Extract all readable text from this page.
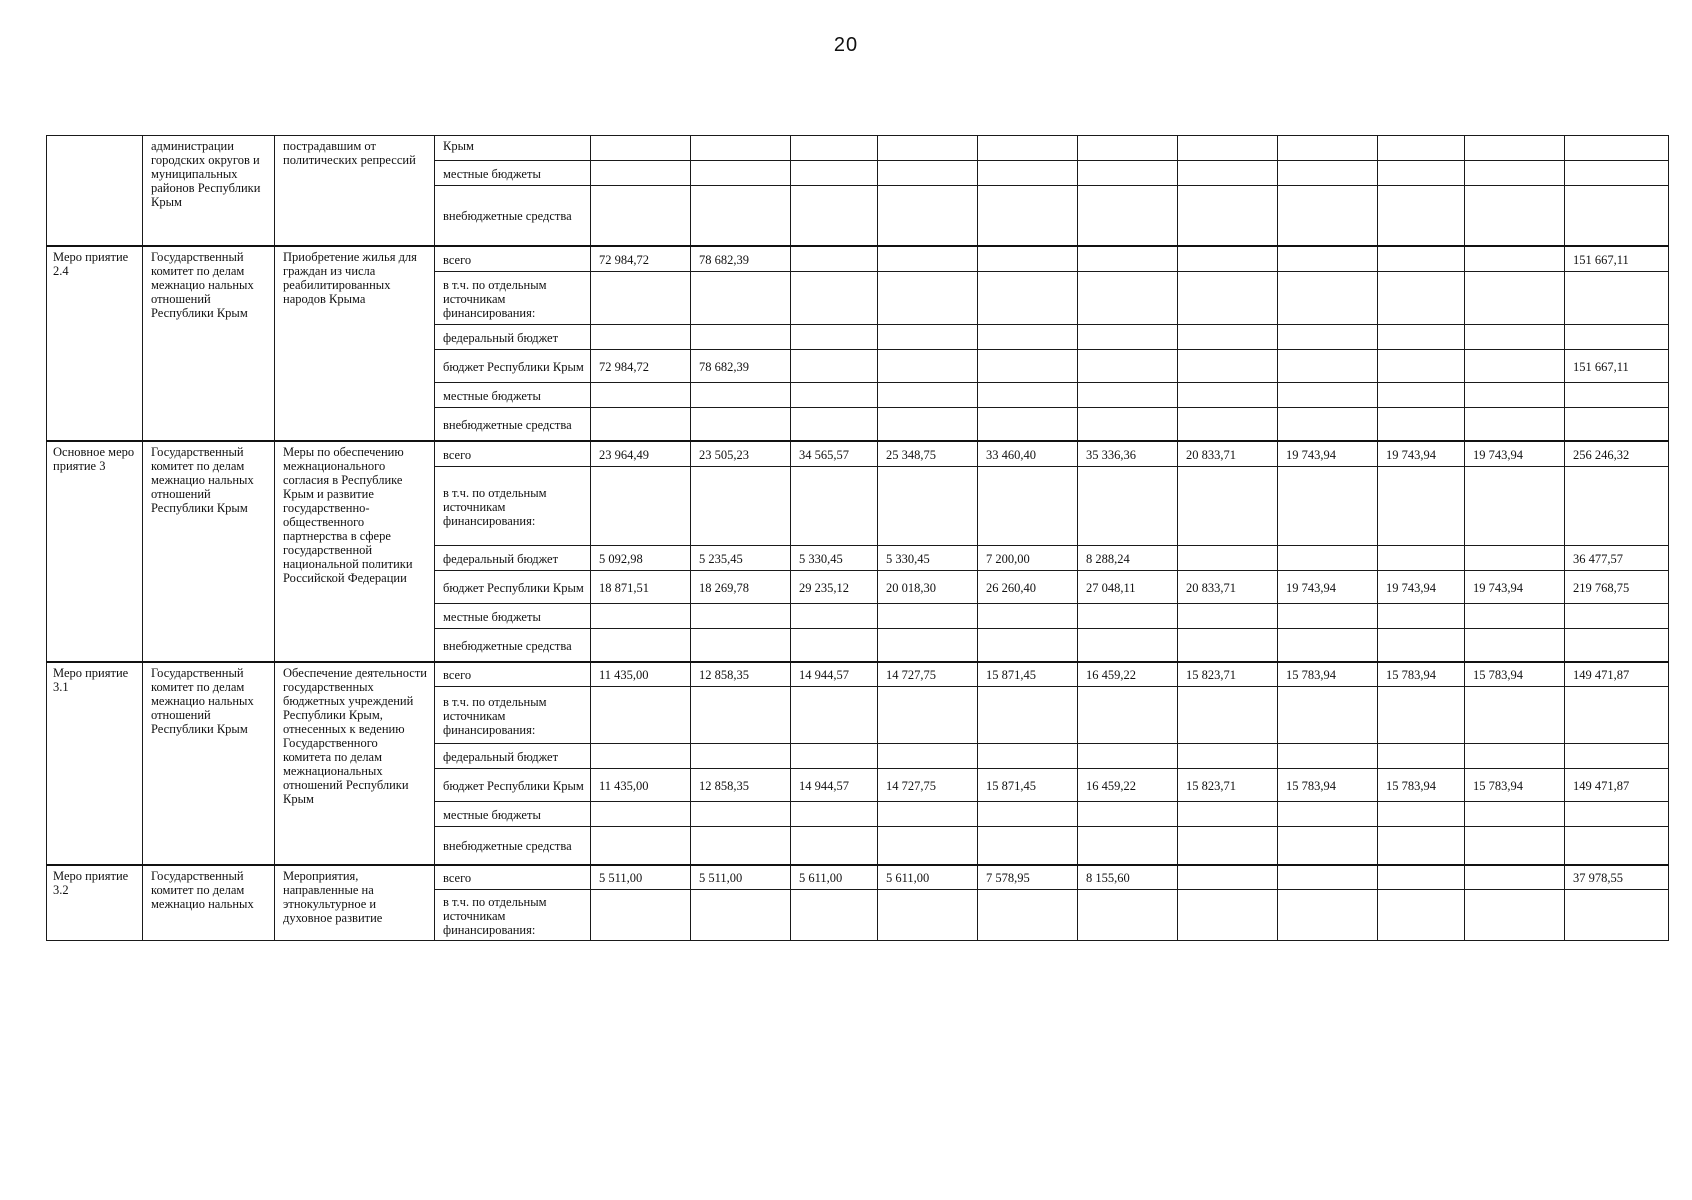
20
	администрации городских округов и муниципальных районов Республики Крым	пострадавшим от политических репрессий	Крым											
			местные бюджеты											
			внебюджетные средства											
Меро приятие 2.4	Государственный комитет по делам межнацио нальных отношений Республики Крым	Приобретение жилья для граждан из числа реабилитированных народов Крыма	всего	72 984,72	78 682,39									151 667,11
			в т.ч. по отдельным источникам финансирования:											
			федеральный бюджет											
			бюджет Республики Крым	72 984,72	78 682,39									151 667,11
			местные бюджеты											
			внебюджетные средства											
Основное меро приятие 3	Государственный комитет по делам межнацио нальных отношений Республики Крым	Меры по обеспечению межнационального согласия в Республике Крым и развитие государственно-общественного партнерства в сфере государственной национальной политики Российской Федерации	всего	23 964,49	23 505,23	34 565,57	25 348,75	33 460,40	35 336,36	20 833,71	19 743,94	19 743,94	19 743,94	256 246,32
			в т.ч. по отдельным источникам финансирования:											
			федеральный бюджет	5 092,98	5 235,45	5 330,45	5 330,45	7 200,00	8 288,24					36 477,57
			бюджет Республики Крым	18 871,51	18 269,78	29 235,12	20 018,30	26 260,40	27 048,11	20 833,71	19 743,94	19 743,94	19 743,94	219 768,75
			местные бюджеты											
			внебюджетные средства											
Меро приятие 3.1	Государственный комитет по делам межнацио нальных отношений Республики Крым	Обеспечение деятельности государственных бюджетных учреждений Республики Крым, отнесенных к ведению Государственного комитета по делам межнациональных отношений Республики Крым	всего	11 435,00	12 858,35	14 944,57	14 727,75	15 871,45	16 459,22	15 823,71	15 783,94	15 783,94	15 783,94	149 471,87
			в т.ч. по отдельным источникам финансирования:											
			федеральный бюджет											
			бюджет Республики Крым	11 435,00	12 858,35	14 944,57	14 727,75	15 871,45	16 459,22	15 823,71	15 783,94	15 783,94	15 783,94	149 471,87
			местные бюджеты											
			внебюджетные средства											
Меро приятие 3.2	Государственный комитет по делам межнацио нальных	Мероприятия, направленные на этнокультурное и духовное развитие	всего	5 511,00	5 511,00	5 611,00	5 611,00	7 578,95	8 155,60					37 978,55
			в т.ч. по отдельным источникам финансирования:											
